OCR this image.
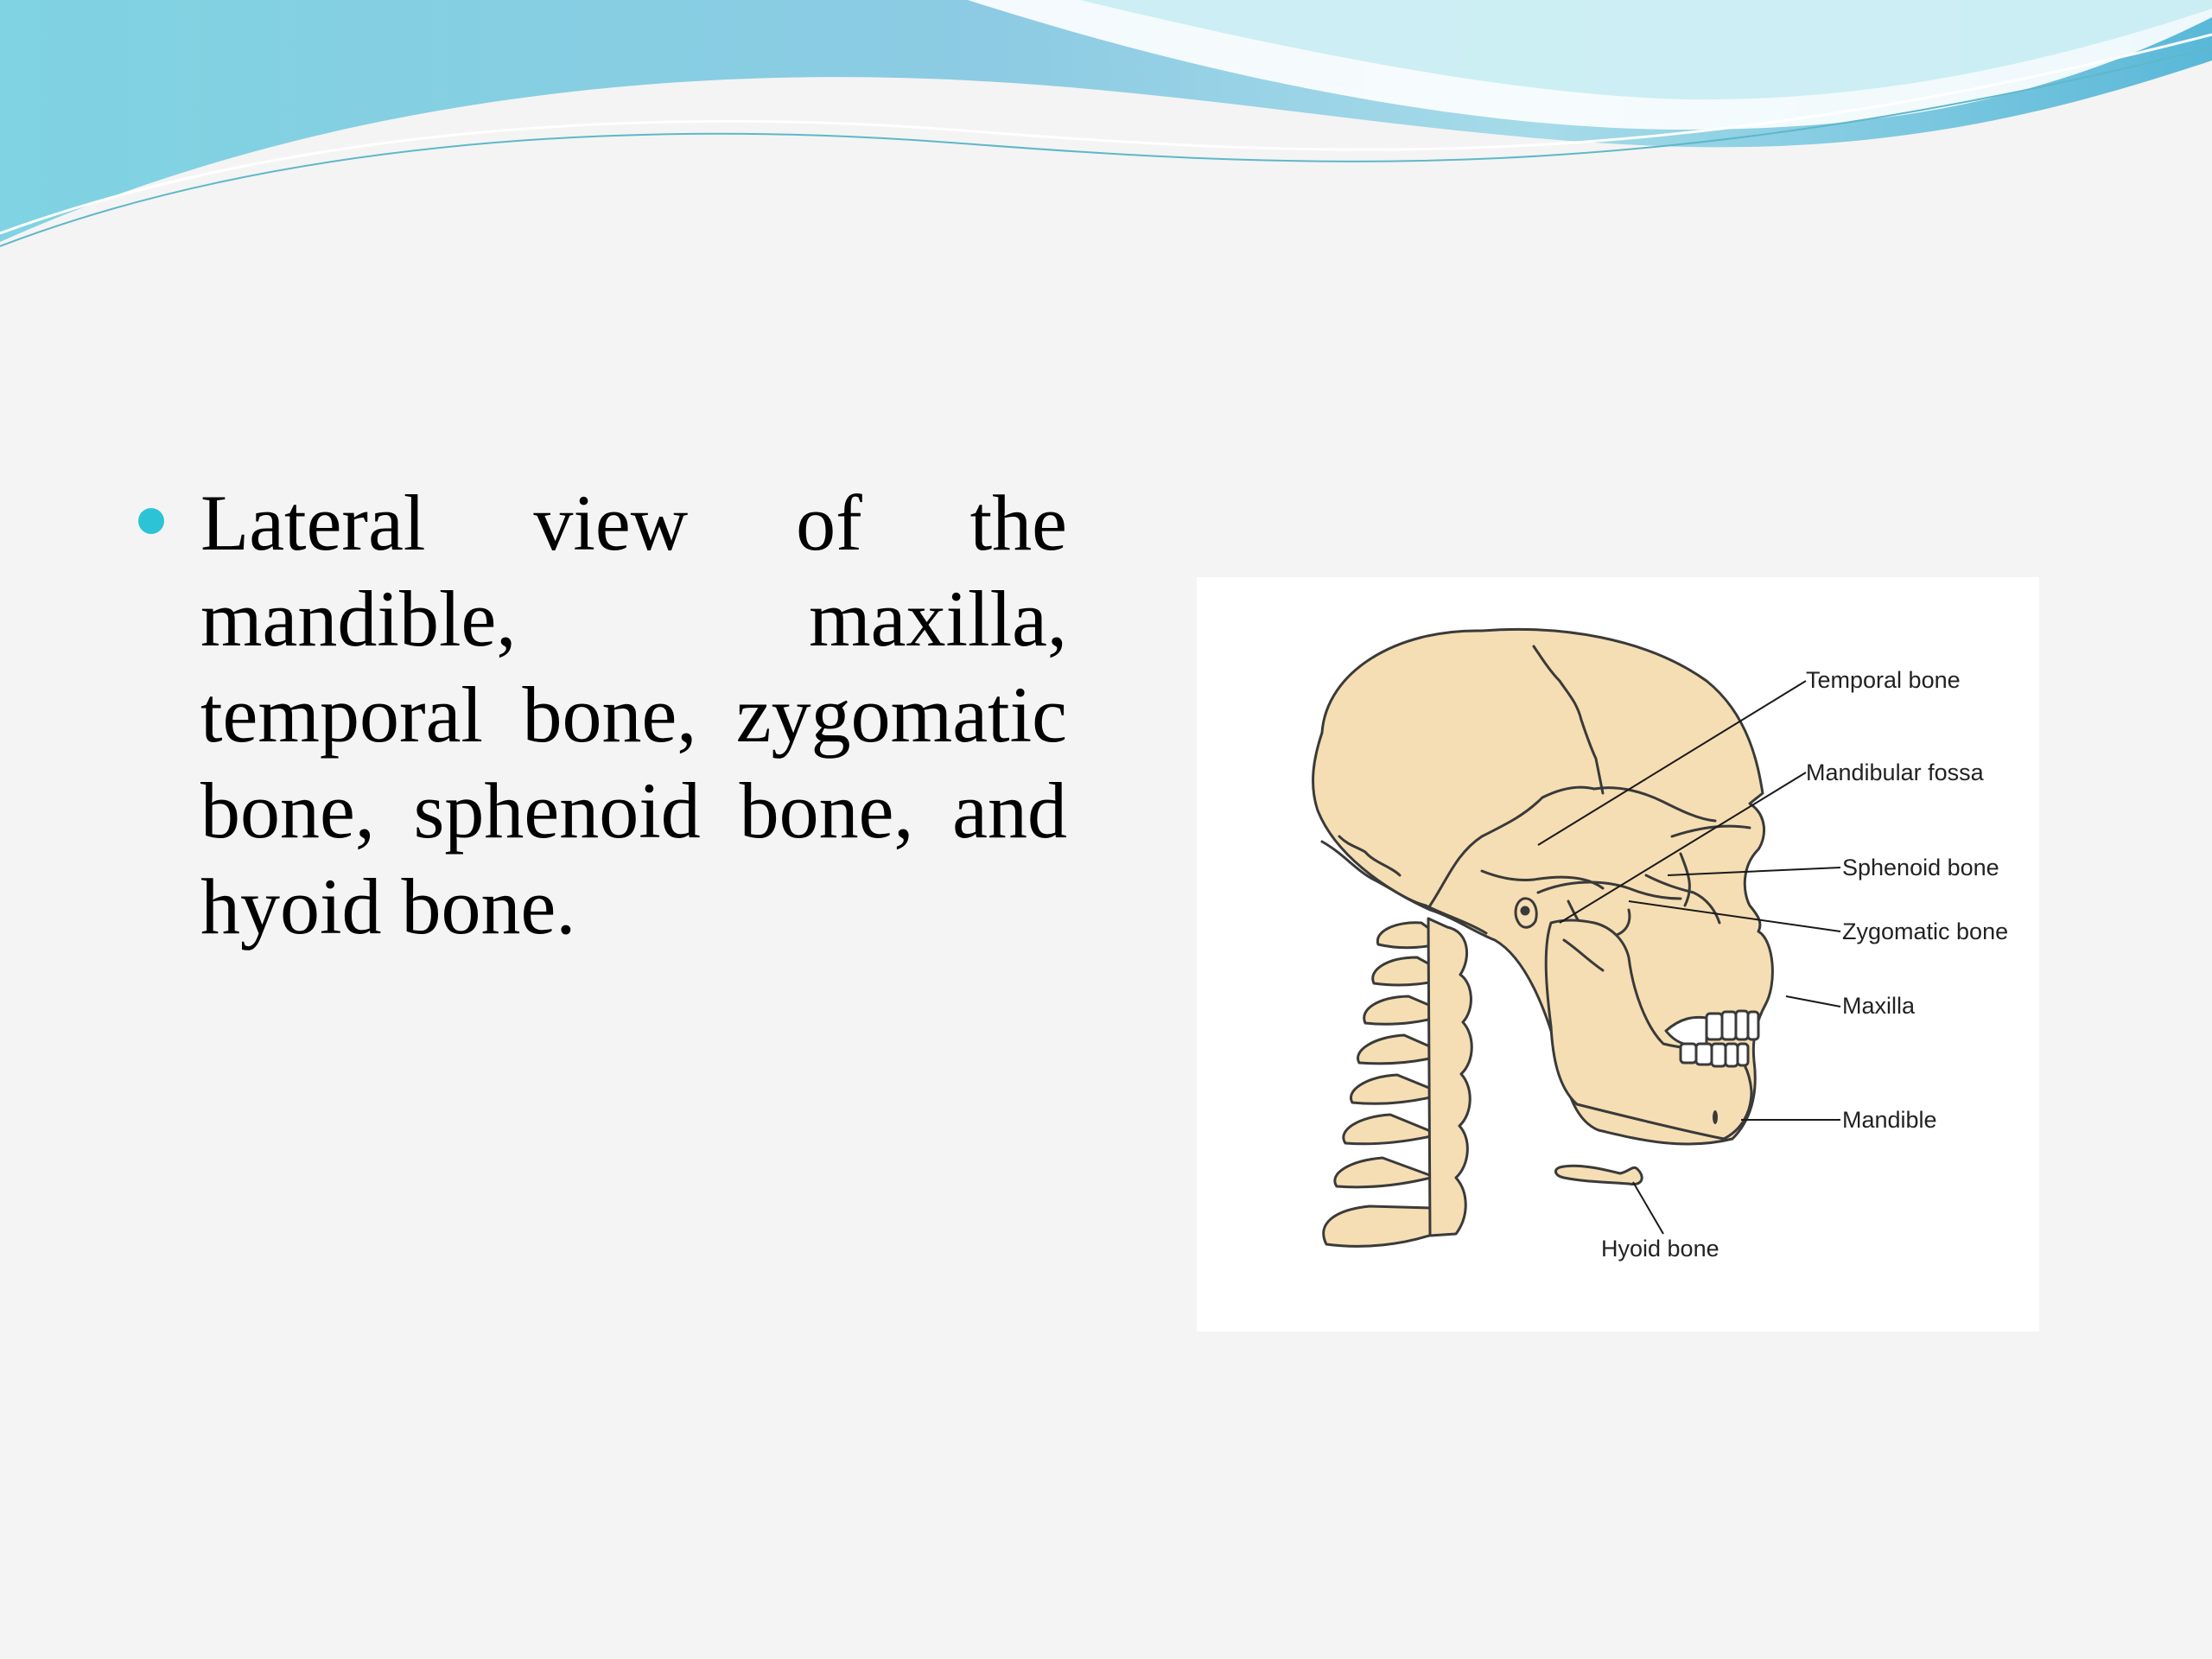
Lateral view of the mandible, maxilla, temporal bone, zygomatic bone, sphenoid bone, and hyoid bone.

Temporal bone
Mandibular fossa
Sphenoid bone
Zygomatic bone
Maxilla
Mandible
Hyoid bone
